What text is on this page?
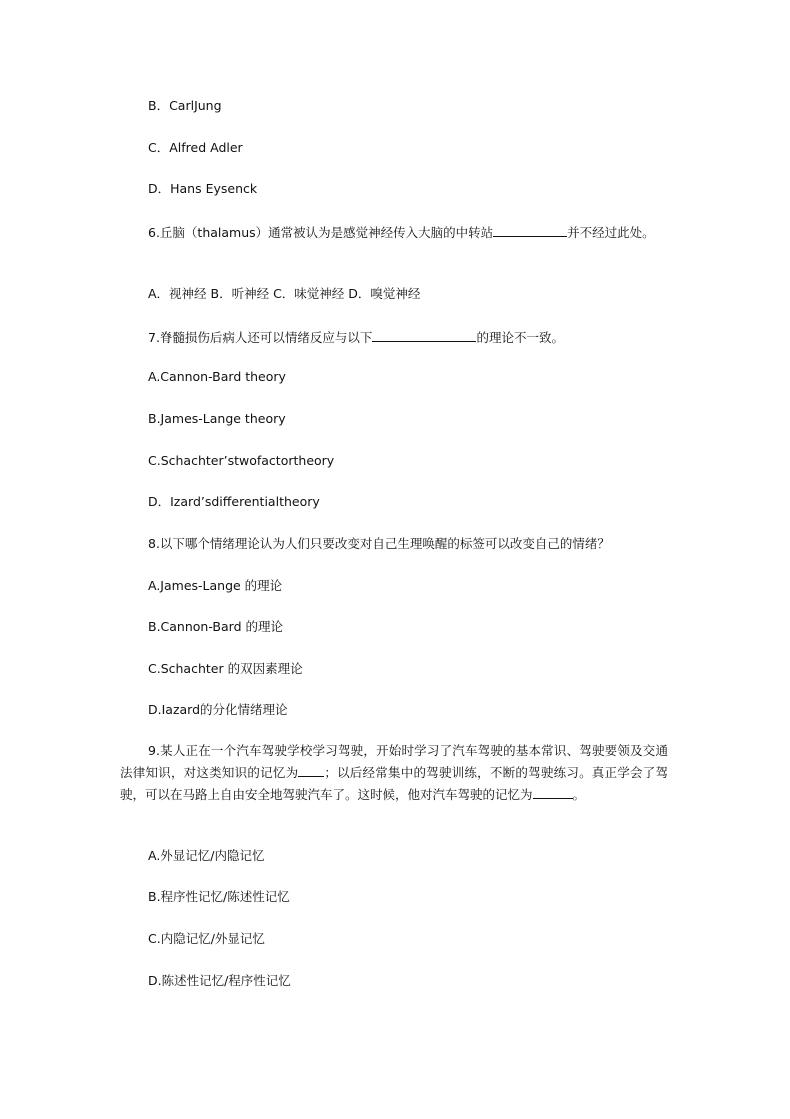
B．CarlJung
C．Alfred Adler
D．Hans Eysenck
6.丘脑（thalamus）通常被认为是感觉神经传入大脑的中转站	并不经过此处。
A．视神经 B．听神经 C．味觉神经 D．嗅觉神经
7.脊髓损伤后病人还可以情绪反应与以下	的理论不一致。
A.Cannon-Bard theory
B.James-Lange theory
C.Schachter’stwofactortheory
D．Izard’sdifferentialtheory
8.以下哪个情绪理论认为人们只要改变对自己生理唤醒的标签可以改变自己的情绪？
A.James-Lange 的理论
B.Cannon-Bard 的理论
C.Schachter 的双因素理论
D.Iazard的分化情绪理论
9.某人正在一个汽车驾驶学校学习驾驶，开始时学习了汽车驾驶的基本常识、驾驶要领及交通法律知识，对这类知识的记忆为 ；以后经常集中的驾驶训练，不断的驾驶练习。真正学会了驾驶，可以在马路上自由安全地驾驶汽车了。这时候，他对汽车驾驶的记忆为	。
A.外显记忆/内隐记忆
B.程序性记忆/陈述性记忆
C.内隐记忆/外显记忆
D.陈述性记忆/程序性记忆
